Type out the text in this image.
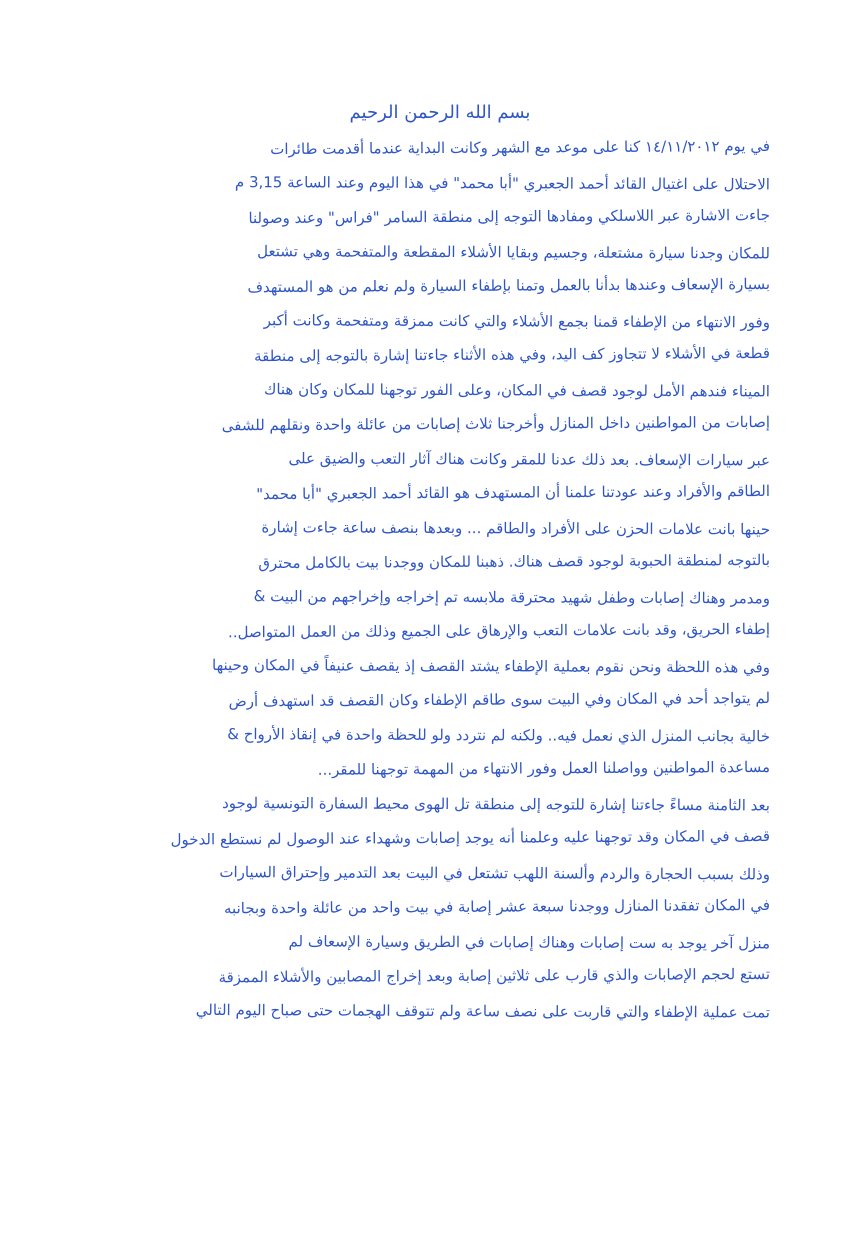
بسم الله الرحمن الرحيم
في يوم ١٤/١١/٢٠١٢ كنا على موعد مع الشهر وكانت البداية عندما أقدمت طائرات
الاحتلال على اغتيال القائد أحمد الجعبري "أبا محمد" في هذا اليوم وعند الساعة 3,15 م
جاءت الاشارة عبر اللاسلكي ومفادها التوجه إلى منطقة السامر "فراس" وعند وصولنا
للمكان وجدنا سيارة مشتعلة، وجسيم وبقايا الأشلاء المقطعة والمتفحمة وهي تشتعل
بسيارة الإسعاف وعندها بدأنا بالعمل وتمنا بإطفاء السيارة ولم نعلم من هو المستهدف
وفور الانتهاء من الإطفاء قمنا بجمع الأشلاء والتي كانت ممزقة ومتفحمة وكانت أكبر
قطعة في الأشلاء لا تتجاوز كف اليد، وفي هذه الأثناء جاءتنا إشارة بالتوجه إلى منطقة
الميناء فندهم الأمل لوجود قصف في المكان، وعلى الفور توجهنا للمكان وكان هناك
إصابات من المواطنين داخل المنازل وأخرجنا ثلاث إصابات من عائلة واحدة ونقلهم للشفى
عبر سيارات الإسعاف. بعد ذلك عدنا للمقر وكانت هناك آثار التعب والضيق على
الطاقم والأفراد وعند عودتنا علمنا أن المستهدف هو القائد أحمد الجعبري "أبا محمد"
حينها بانت علامات الحزن على الأفراد والطاقم ... وبعدها بنصف ساعة جاءت إشارة
بالتوجه لمنطقة الحبوبة لوجود قصف هناك. ذهبنا للمكان ووجدنا بيت بالكامل محترق
ومدمر وهناك إصابات وطفل شهيد محترقة ملابسه تم إخراجه وإخراجهم من البيت &
إطفاء الحريق، وقد بانت علامات التعب والإرهاق على الجميع وذلك من العمل المتواصل..
وفي هذه اللحظة ونحن نقوم بعملية الإطفاء يشتد القصف إذ يقصف عنيفاً في المكان وحينها
لم يتواجد أحد في المكان وفي البيت سوى طاقم الإطفاء وكان القصف قد استهدف أرض
خالية بجانب المنزل الذي نعمل فيه.. ولكنه لم نتردد ولو للحظة واحدة في إنقاذ الأرواح &
مساعدة المواطنين وواصلنا العمل وفور الانتهاء من المهمة توجهنا للمقر...
بعد الثامنة مساءً جاءتنا إشارة للتوجه إلى منطقة تل الهوى محيط السفارة التونسية لوجود
قصف في المكان وقد توجهنا عليه وعلمنا أنه يوجد إصابات وشهداء عند الوصول لم نستطع الدخول
وذلك بسبب الحجارة والردم وألسنة اللهب تشتعل في البيت بعد التدمير وإحتراق السيارات
في المكان تفقدنا المنازل ووجدنا سبعة عشر إصابة في بيت واحد من عائلة واحدة وبجانبه
منزل آخر يوجد به ست إصابات وهناك إصابات في الطريق وسيارة الإسعاف لم
تستع لحجم الإصابات والذي قارب على ثلاثين إصابة وبعد إخراج المصابين والأشلاء الممزقة
تمت عملية الإطفاء والتي قاربت على نصف ساعة ولم تتوقف الهجمات حتى صباح اليوم التالي
